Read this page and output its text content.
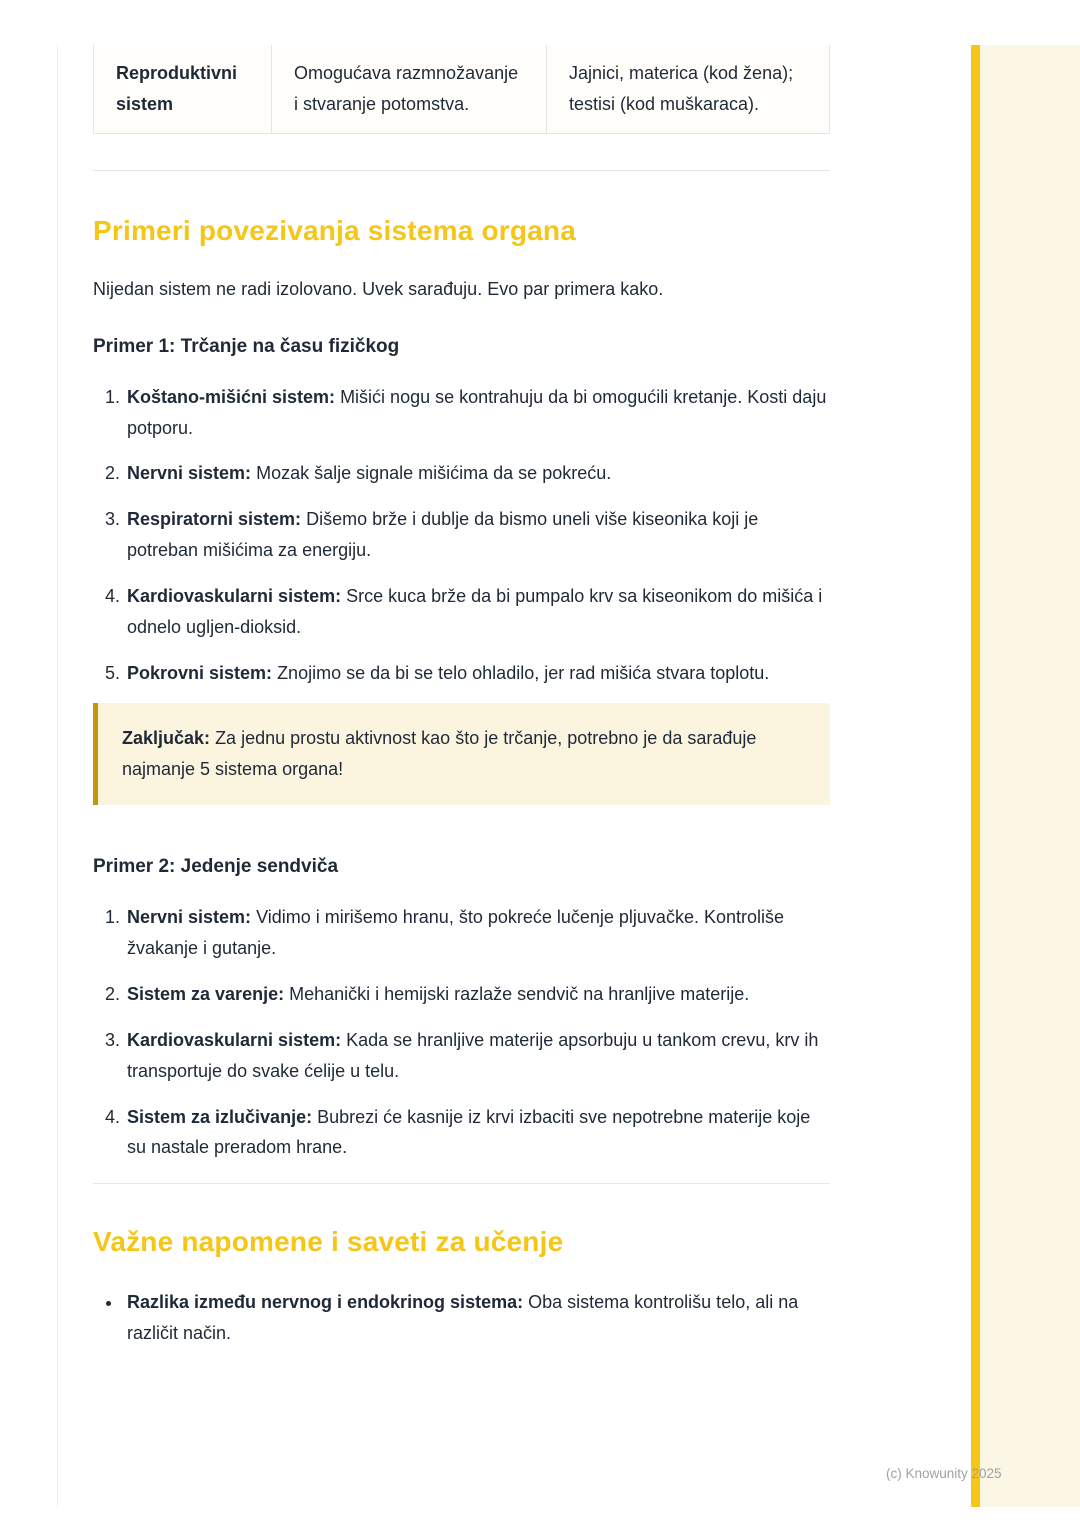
Reproduktivni sistem
Omogućava razmnožavanje i stvaranje potomstva.
Jajnici, materica (kod žena); testisi (kod muškaraca).
Primeri povezivanja sistema organa

Nijedan sistem ne radi izolovano. Uvek sarađuju. Evo par primera kako.

Primer 1: Trčanje na času fizičkog
1. Koštano-mišićni sistem: Mišići nogu se kontrahuju da bi omogućili kretanje. Kosti daju potporu.
2. Nervni sistem: Mozak šalje signale mišićima da se pokreću.
3. Respiratorni sistem: Dišemo brže i dublje da bismo uneli više kiseonika koji je potreban mišićima za energiju.
4. Kardiovaskularni sistem: Srce kuca brže da bi pumpalo krv sa kiseonikom do mišića i odnelo ugljen-dioksid.
5. Pokrovni sistem: Znojimo se da bi se telo ohladilo, jer rad mišića stvara toplotu.
Zaključak: Za jednu prostu aktivnost kao što je trčanje, potrebno je da sarađuje najmanje 5 sistema organa!
Primer 2: Jedenje sendviča
1. Nervni sistem: Vidimo i mirišemo hranu, što pokreće lučenje pljuvačke. Kontroliše žvakanje i gutanje.
2. Sistem za varenje: Mehanički i hemijski razlaže sendvič na hranljive materije.
3. Kardiovaskularni sistem: Kada se hranljive materije apsorbuju u tankom crevu, krv ih transportuje do svake ćelije u telu.
4. Sistem za izlučivanje: Bubrezi će kasnije iz krvi izbaciti sve nepotrebne materije koje su nastale preradom hrane.
Važne napomene i saveti za učenje
• Razlika između nervnog i endokrinog sistema: Oba sistema kontrolišu telo, ali na različit način.
(c) Knowunity 2025
